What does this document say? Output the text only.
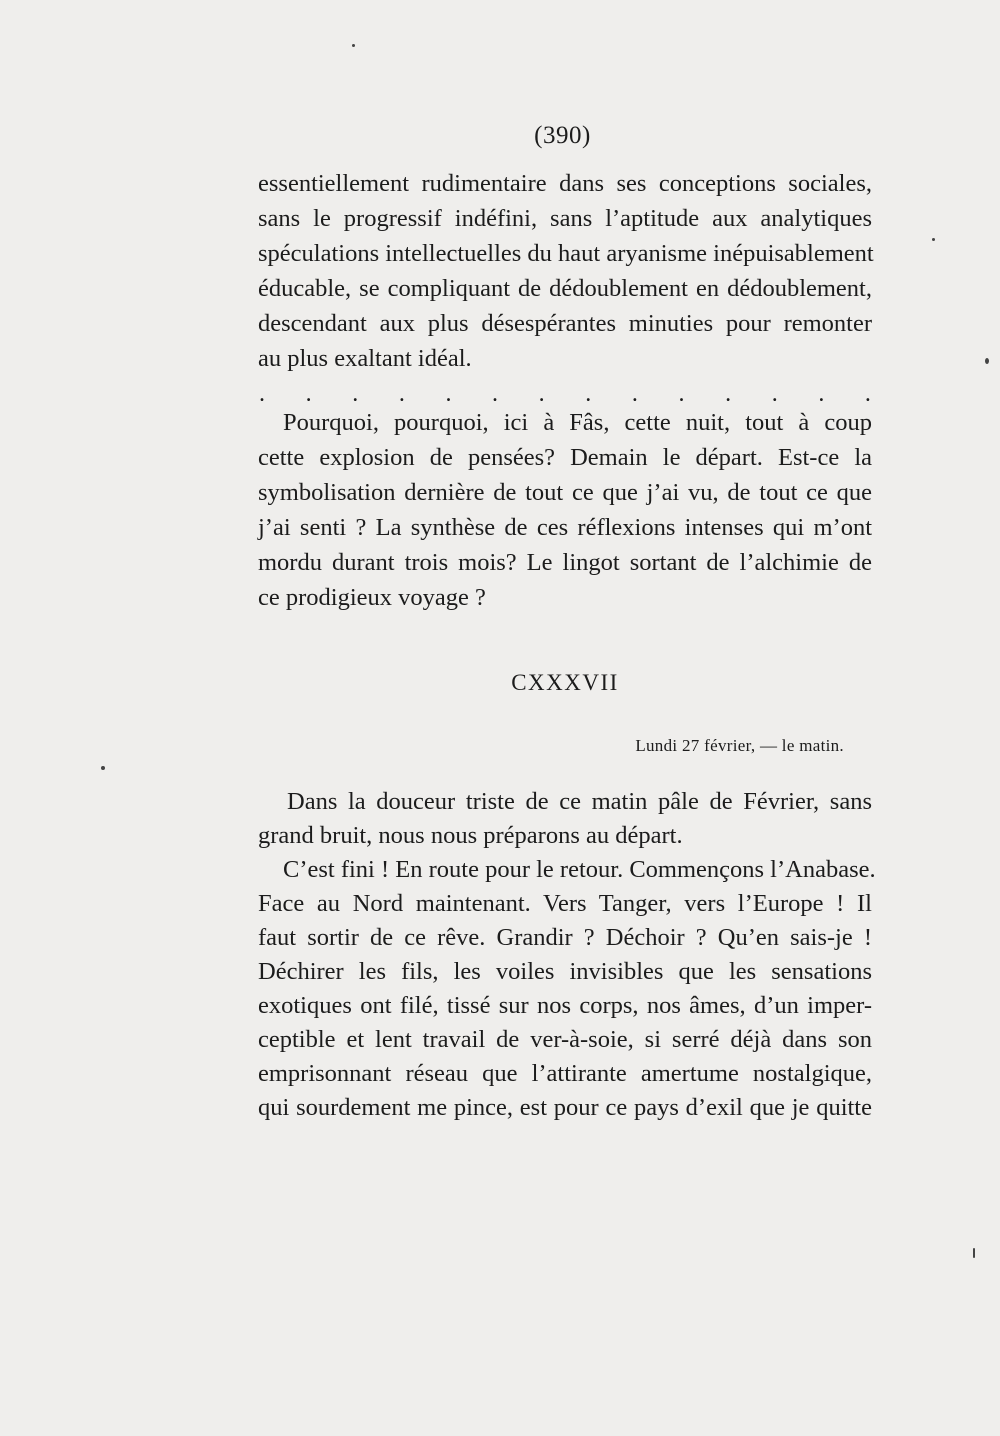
(390)
essentiellement rudimentaire dans ses conceptions sociales,
sans le progressif indéfini, sans l’aptitude aux analytiques
spéculations intellectuelles du haut aryanisme inépuisablement
éducable, se compliquant de dédoublement en dédoublement,
descendant aux plus désespérantes minuties pour remonter
au plus exaltant idéal.
. . . . . . . . . . . . . .
Pourquoi, pourquoi, ici à Fâs, cette nuit, tout à coup
cette explosion de pensées? Demain le départ. Est-ce la
symbolisation dernière de tout ce que j’ai vu, de tout ce que
j’ai senti ? La synthèse de ces réflexions intenses qui m’ont
mordu durant trois mois? Le lingot sortant de l’alchimie de
ce prodigieux voyage ?
CXXXVII
Lundi 27 février, — le matin.
Dans la douceur triste de ce matin pâle de Février, sans
grand bruit, nous nous préparons au départ.
C’est fini ! En route pour le retour. Commençons l’Anabase.
Face au Nord maintenant. Vers Tanger, vers l’Europe ! Il
faut sortir de ce rêve. Grandir ? Déchoir ? Qu’en sais-je !
Déchirer les fils, les voiles invisibles que les sensations
exotiques ont filé, tissé sur nos corps, nos âmes, d’un imper-
ceptible et lent travail de ver-à-soie, si serré déjà dans son
emprisonnant réseau que l’attirante amertume nostalgique,
qui sourdement me pince, est pour ce pays d’exil que je quitte
